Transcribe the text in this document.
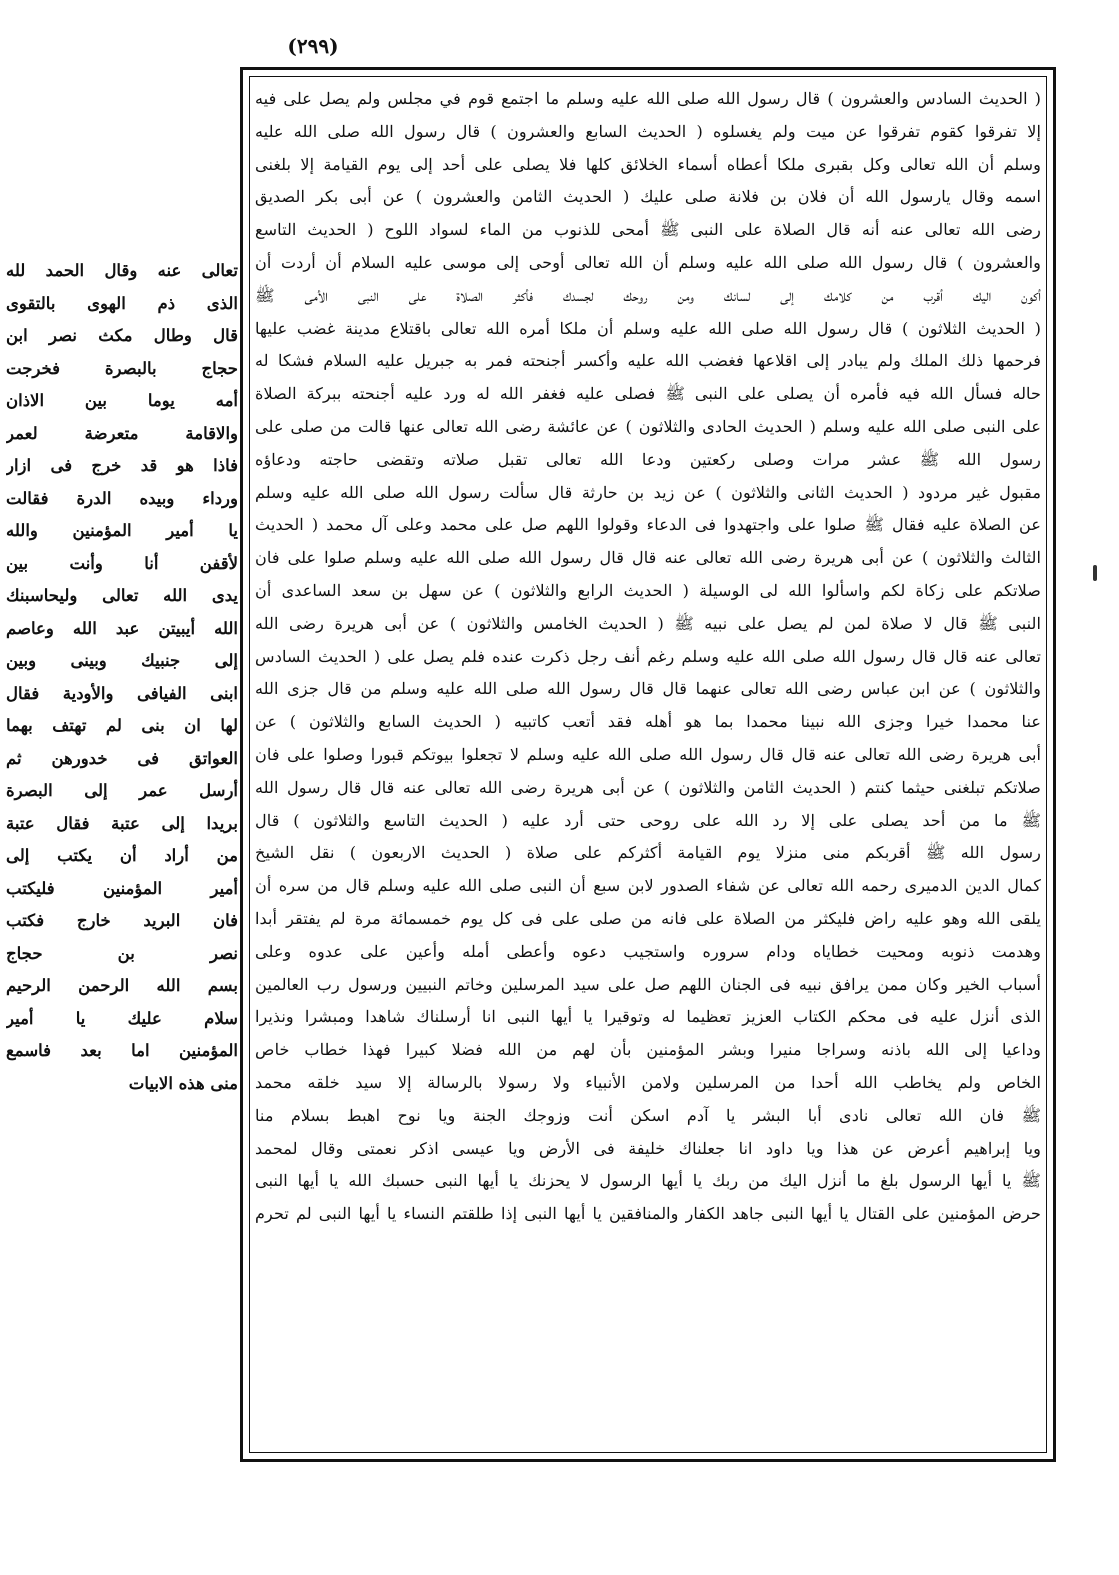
(٢٩٩)
( الحديث السادس والعشرون ) قال رسول الله صلى الله عليه وسلم ما اجتمع قوم في مجلس ولم يصل على فيه
إلا تفرقوا كقوم تفرقوا عن ميت ولم يغسلوه ( الحديث السابع والعشرون ) قال رسول الله صلى الله عليه
وسلم أن الله تعالى وكل بقبرى ملكا أعطاه أسماء الخلائق كلها فلا يصلى على أحد إلى يوم القيامة إلا بلغنى
اسمه وقال يارسول الله أن فلان بن فلانة صلى عليك ( الحديث الثامن والعشرون ) عن أبى بكر الصديق
رضى الله تعالى عنه أنه قال الصلاة على النبى ﷺ أمحى للذنوب من الماء لسواد اللوح ( الحديث التاسع
والعشرون ) قال رسول الله صلى الله عليه وسلم أن الله تعالى أوحى إلى موسى عليه السلام أن أردت أن
أكون اليك أقرب من كلامك إلى لسانك ومن روحك لجسدك فأكثر الصلاة على النبى الأمى ﷺ
( الحديث الثلاثون ) قال رسول الله صلى الله عليه وسلم أن ملكا أمره الله تعالى باقتلاع مدينة غضب عليها
فرحمها ذلك الملك ولم يبادر إلى اقلاعها فغضب الله عليه وأكسر أجنحته فمر به جبريل عليه السلام فشكا له
حاله فسأل الله فيه فأمره أن يصلى على النبى ﷺ فصلى عليه فغفر الله له ورد عليه أجنحته ببركة الصلاة
على النبى صلى الله عليه وسلم ( الحديث الحادى والثلاثون ) عن عائشة رضى الله تعالى عنها قالت من صلى على
رسول الله ﷺ عشر مرات وصلى ركعتين ودعا الله تعالى تقبل صلاته وتقضى حاجته ودعاؤه
مقبول غير مردود ( الحديث الثانى والثلاثون ) عن زيد بن حارثة قال سألت رسول الله صلى الله عليه وسلم
عن الصلاة عليه فقال ﷺ صلوا على واجتهدوا فى الدعاء وقولوا اللهم صل على محمد وعلى آل محمد ( الحديث
الثالث والثلاثون ) عن أبى هريرة رضى الله تعالى عنه قال قال رسول الله صلى الله عليه وسلم صلوا على فان
صلاتكم على زكاة لكم واسألوا الله لى الوسيلة ( الحديث الرابع والثلاثون ) عن سهل بن سعد الساعدى أن
النبى ﷺ قال لا صلاة لمن لم يصل على نبيه ﷺ ( الحديث الخامس والثلاثون ) عن أبى هريرة رضى الله
تعالى عنه قال قال رسول الله صلى الله عليه وسلم رغم أنف رجل ذكرت عنده فلم يصل على ( الحديث السادس
والثلاثون ) عن ابن عباس رضى الله تعالى عنهما قال قال رسول الله صلى الله عليه وسلم من قال جزى الله
عنا محمدا خيرا وجزى الله نبينا محمدا بما هو أهله فقد أتعب كاتبيه ( الحديث السابع والثلاثون ) عن
أبى هريرة رضى الله تعالى عنه قال قال رسول الله صلى الله عليه وسلم لا تجعلوا بيوتكم قبورا وصلوا على فان
صلاتكم تبلغنى حيثما كنتم ( الحديث الثامن والثلاثون ) عن أبى هريرة رضى الله تعالى عنه قال قال رسول الله
ﷺ ما من أحد يصلى على إلا رد الله على روحى حتى أرد عليه ( الحديث التاسع والثلاثون ) قال
رسول الله ﷺ أقربكم منى منزلا يوم القيامة أكثركم على صلاة ( الحديث الاربعون ) نقل الشيخ
كمال الدين الدميرى رحمه الله تعالى عن شفاء الصدور لابن سبع أن النبى صلى الله عليه وسلم قال من سره أن
يلقى الله وهو عليه راض فليكثر من الصلاة على فانه من صلى على فى كل يوم خمسمائة مرة لم يفتقر أبدا
وهدمت ذنوبه ومحيت خطاياه ودام سروره واستجيب دعوه وأعطى أمله وأعين على عدوه وعلى
أسباب الخير وكان ممن يرافق نبيه فى الجنان اللهم صل على سيد المرسلين وخاتم النبيين ورسول رب العالمين
الذى أنزل عليه فى محكم الكتاب العزيز تعظيما له وتوقيرا يا أيها النبى انا أرسلناك شاهدا ومبشرا ونذيرا
وداعيا إلى الله باذنه وسراجا منيرا وبشر المؤمنين بأن لهم من الله فضلا كبيرا فهذا خطاب خاص
الخاص ولم يخاطب الله أحدا من المرسلين ولامن الأنبياء ولا رسولا بالرسالة إلا سيد خلقه محمد
ﷺ فان الله تعالى نادى أبا البشر يا آدم اسكن أنت وزوجك الجنة ويا نوح اهبط بسلام منا
ويا إبراهيم أعرض عن هذا ويا داود انا جعلناك خليفة فى الأرض ويا عيسى اذكر نعمتى وقال لمحمد
ﷺ يا أيها الرسول بلغ ما أنزل اليك من ربك يا أيها الرسول لا يحزنك يا أيها النبى حسبك الله يا أيها النبى
حرض المؤمنين على القتال يا أيها النبى جاهد الكفار والمنافقين يا أيها النبى إذا طلقتم النساء يا أيها النبى لم تحرم
تعالى عنه وقال الحمد لله
الذى ذم الهوى بالتقوى
قال وطال مكث نصر ابن
حجاج بالبصرة فخرجت
أمه يوما بين الاذان
والاقامة متعرضة لعمر
فاذا هو قد خرج فى ازار
ورداء وبيده الدرة فقالت
يا أمير المؤمنين والله
لأقفن أنا وأنت بين
يدى الله تعالى وليحاسبنك
الله أيبيتن عبد الله وعاصم
إلى جنبيك وبينى وبين
ابنى الفيافى والأودية فقال
لها ان بنى لم تهتف بهما
العواتق فى خدورهن ثم
أرسل عمر إلى البصرة
بريدا إلى عتبة فقال عتبة
من أراد أن يكتب إلى
أمير المؤمنين فليكتب
فان البريد خارج فكتب
نصر بن حجاج
بسم الله الرحمن الرحيم
سلام عليك يا أمير
المؤمنين اما بعد فاسمع
منى هذه الابيات
